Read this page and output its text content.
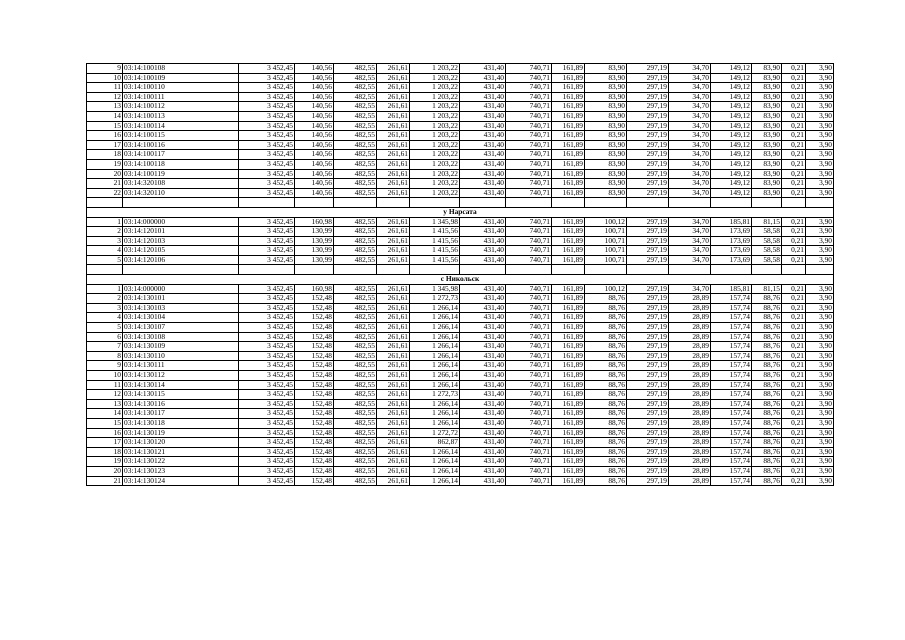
9	03:14:100108	3 452,45	140,56	482,55	261,61	1 203,22	431,40	740,71	161,89	83,90	297,19	34,70	149,12	83,90	0,21	3,90
10	03:14:100109	3 452,45	140,56	482,55	261,61	1 203,22	431,40	740,71	161,89	83,90	297,19	34,70	149,12	83,90	0,21	3,90
11	03:14:100110	3 452,45	140,56	482,55	261,61	1 203,22	431,40	740,71	161,89	83,90	297,19	34,70	149,12	83,90	0,21	3,90
12	03:14:100111	3 452,45	140,56	482,55	261,61	1 203,22	431,40	740,71	161,89	83,90	297,19	34,70	149,12	83,90	0,21	3,90
13	03:14:100112	3 452,45	140,56	482,55	261,61	1 203,22	431,40	740,71	161,89	83,90	297,19	34,70	149,12	83,90	0,21	3,90
14	03:14:100113	3 452,45	140,56	482,55	261,61	1 203,22	431,40	740,71	161,89	83,90	297,19	34,70	149,12	83,90	0,21	3,90
15	03:14:100114	3 452,45	140,56	482,55	261,61	1 203,22	431,40	740,71	161,89	83,90	297,19	34,70	149,12	83,90	0,21	3,90
16	03:14:100115	3 452,45	140,56	482,55	261,61	1 203,22	431,40	740,71	161,89	83,90	297,19	34,70	149,12	83,90	0,21	3,90
17	03:14:100116	3 452,45	140,56	482,55	261,61	1 203,22	431,40	740,71	161,89	83,90	297,19	34,70	149,12	83,90	0,21	3,90
18	03:14:100117	3 452,45	140,56	482,55	261,61	1 203,22	431,40	740,71	161,89	83,90	297,19	34,70	149,12	83,90	0,21	3,90
19	03:14:100118	3 452,45	140,56	482,55	261,61	1 203,22	431,40	740,71	161,89	83,90	297,19	34,70	149,12	83,90	0,21	3,90
20	03:14:100119	3 452,45	140,56	482,55	261,61	1 203,22	431,40	740,71	161,89	83,90	297,19	34,70	149,12	83,90	0,21	3,90
21	03:14:320108	3 452,45	140,56	482,55	261,61	1 203,22	431,40	740,71	161,89	83,90	297,19	34,70	149,12	83,90	0,21	3,90
22	03:14:320110	3 452,45	140,56	482,55	261,61	1 203,22	431,40	740,71	161,89	83,90	297,19	34,70	149,12	83,90	0,21	3,90

у Нарсата																
1	03:14:000000	3 452,45	160,98	482,55	261,61	1 345,98	431,40	740,71	161,89	100,12	297,19	34,70	185,81	81,15	0,21	3,90
2	03:14:120101	3 452,45	130,99	482,55	261,61	1 415,56	431,40	740,71	161,89	100,71	297,19	34,70	173,69	58,58	0,21	3,90
3	03:14:120103	3 452,45	130,99	482,55	261,61	1 415,56	431,40	740,71	161,89	100,71	297,19	34,70	173,69	58,58	0,21	3,90
4	03:14:120105	3 452,45	130,99	482,55	261,61	1 415,56	431,40	740,71	161,89	100,71	297,19	34,70	173,69	58,58	0,21	3,90
5	03:14:120106	3 452,45	130,99	482,55	261,61	1 415,56	431,40	740,71	161,89	100,71	297,19	34,70	173,69	58,58	0,21	3,90

с Никольск																
1	03:14:000000	3 452,45	160,98	482,55	261,61	1 345,98	431,40	740,71	161,89	100,12	297,19	34,70	185,81	81,15	0,21	3,90
2	03:14:130101	3 452,45	152,48	482,55	261,61	1 272,73	431,40	740,71	161,89	88,76	297,19	28,89	157,74	88,76	0,21	3,90
3	03:14:130103	3 452,45	152,48	482,55	261,61	1 266,14	431,40	740,71	161,89	88,76	297,19	28,89	157,74	88,76	0,21	3,90
4	03:14:130104	3 452,45	152,48	482,55	261,61	1 266,14	431,40	740,71	161,89	88,76	297,19	28,89	157,74	88,76	0,21	3,90
5	03:14:130107	3 452,45	152,48	482,55	261,61	1 266,14	431,40	740,71	161,89	88,76	297,19	28,89	157,74	88,76	0,21	3,90
6	03:14:130108	3 452,45	152,48	482,55	261,61	1 266,14	431,40	740,71	161,89	88,76	297,19	28,89	157,74	88,76	0,21	3,90
7	03:14:130109	3 452,45	152,48	482,55	261,61	1 266,14	431,40	740,71	161,89	88,76	297,19	28,89	157,74	88,76	0,21	3,90
8	03:14:130110	3 452,45	152,48	482,55	261,61	1 266,14	431,40	740,71	161,89	88,76	297,19	28,89	157,74	88,76	0,21	3,90
9	03:14:130111	3 452,45	152,48	482,55	261,61	1 266,14	431,40	740,71	161,89	88,76	297,19	28,89	157,74	88,76	0,21	3,90
10	03:14:130112	3 452,45	152,48	482,55	261,61	1 266,14	431,40	740,71	161,89	88,76	297,19	28,89	157,74	88,76	0,21	3,90
11	03:14:130114	3 452,45	152,48	482,55	261,61	1 266,14	431,40	740,71	161,89	88,76	297,19	28,89	157,74	88,76	0,21	3,90
12	03:14:130115	3 452,45	152,48	482,55	261,61	1 272,73	431,40	740,71	161,89	88,76	297,19	28,89	157,74	88,76	0,21	3,90
13	03:14:130116	3 452,45	152,48	482,55	261,61	1 266,14	431,40	740,71	161,89	88,76	297,19	28,89	157,74	88,76	0,21	3,90
14	03:14:130117	3 452,45	152,48	482,55	261,61	1 266,14	431,40	740,71	161,89	88,76	297,19	28,89	157,74	88,76	0,21	3,90
15	03:14:130118	3 452,45	152,48	482,55	261,61	1 266,14	431,40	740,71	161,89	88,76	297,19	28,89	157,74	88,76	0,21	3,90
16	03:14:130119	3 452,45	152,48	482,55	261,61	1 272,72	431,40	740,71	161,89	88,76	297,19	28,89	157,74	88,76	0,21	3,90
17	03:14:130120	3 452,45	152,48	482,55	261,61	862,87	431,40	740,71	161,89	88,76	297,19	28,89	157,74	88,76	0,21	3,90
18	03:14:130121	3 452,45	152,48	482,55	261,61	1 266,14	431,40	740,71	161,89	88,76	297,19	28,89	157,74	88,76	0,21	3,90
19	03:14:130122	3 452,45	152,48	482,55	261,61	1 266,14	431,40	740,71	161,89	88,76	297,19	28,89	157,74	88,76	0,21	3,90
20	03:14:130123	3 452,45	152,48	482,55	261,61	1 266,14	431,40	740,71	161,89	88,76	297,19	28,89	157,74	88,76	0,21	3,90
21	03:14:130124	3 452,45	152,48	482,55	261,61	1 266,14	431,40	740,71	161,89	88,76	297,19	28,89	157,74	88,76	0,21	3,90
